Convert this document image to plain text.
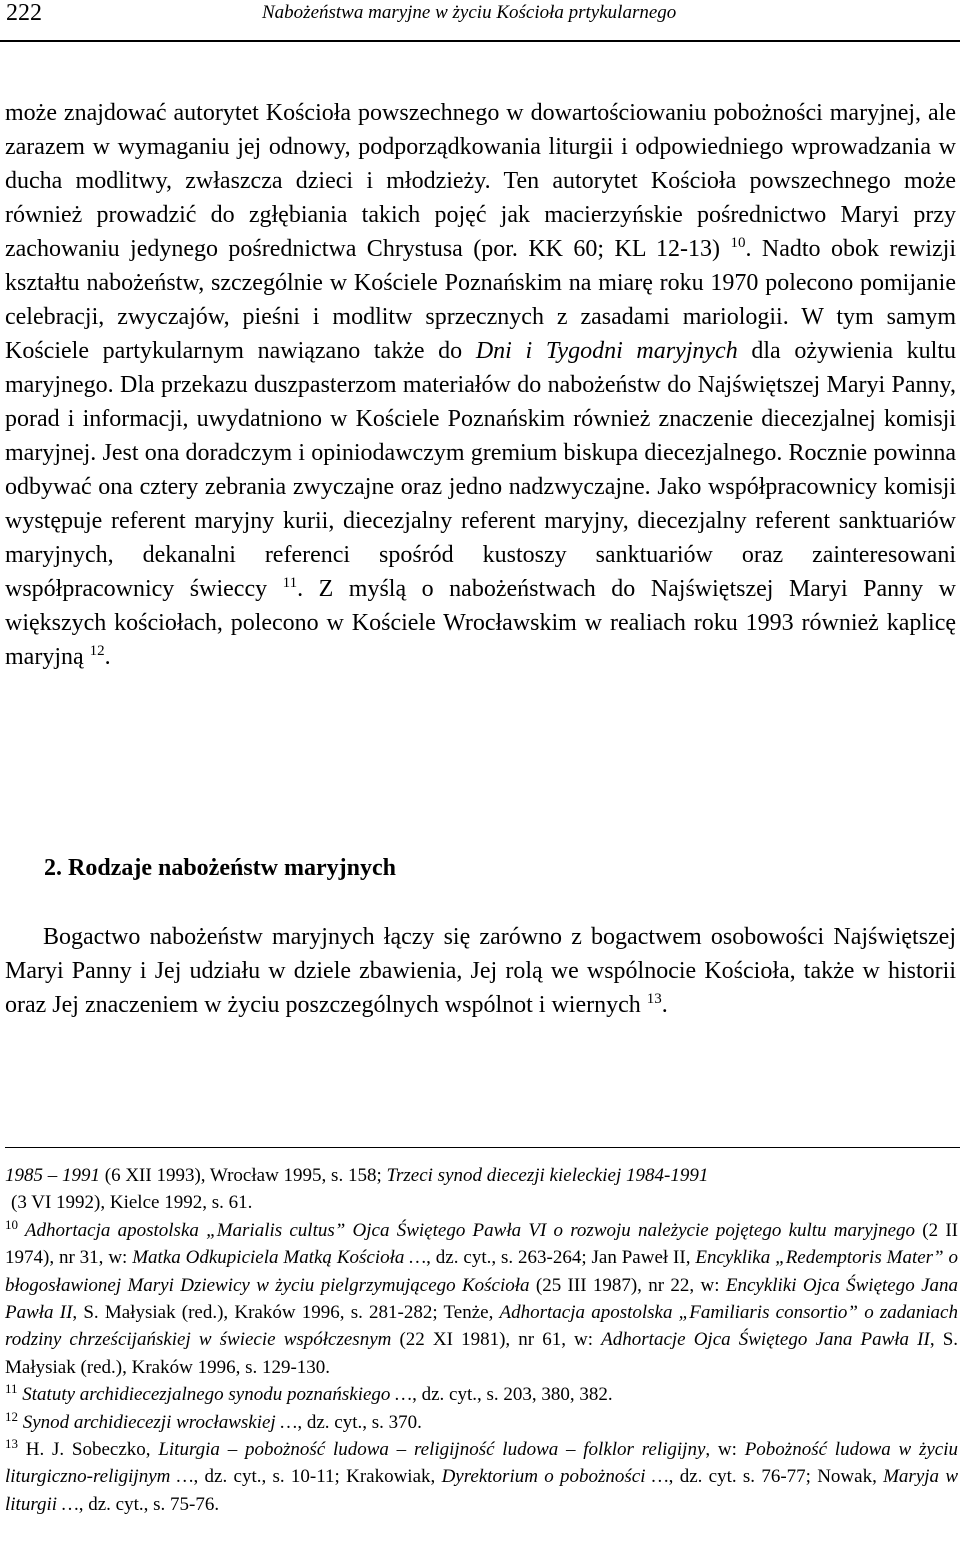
222	Nabożeństwa maryjne w życiu Kościoła prtykularnego

może znajdować autorytet Kościoła powszechnego w dowartościowaniu pobożności maryjnej, ale zarazem w wymaganiu jej odnowy, podporządkowania liturgii i odpowiedniego wprowadzania w ducha modlitwy, zwłaszcza dzieci i młodzieży. Ten autorytet Kościoła powszechnego może również prowadzić do zgłębiania takich pojęć jak macierzyńskie pośrednictwo Maryi przy zachowaniu jedynego pośrednictwa Chrystusa (por. KK 60; KL 12-13) $^{10}$. Nadto obok rewizji kształtu nabożeństw, szczególnie w Kościele Poznańskim na miarę roku 1970 polecono pomijanie celebracji, zwyczajów, pieśni i modlitw sprzecznych z zasadami mariologii. W tym samym Kościele partykularnym nawiązano także do Dni i Tygodni maryjnych dla ożywienia kultu maryjnego. Dla przekazu duszpasterzom materiałów do nabożeństw do Najświętszej Maryi Panny, porad i informacji, uwydatniono w Kościele Poznańskim również znaczenie diecezjalnej komisji maryjnej. Jest ona doradczym i opiniodawczym gremium biskupa diecezjalnego. Rocznie powinna odbywać ona cztery zebrania zwyczajne oraz jedno nadzwyczajne. Jako współpracownicy komisji występuje referent maryjny kurii, diecezjalny referent maryjny, diecezjalny referent sanktuariów maryjnych, dekanalni referenci spośród kustoszy sanktuariów oraz zainteresowani współpracownicy świeccy $^{11}$. Z myślą o nabożeństwach do Najświętszej Maryi Panny w większych kościołach, polecono w Kościele Wrocławskim w realiach roku 1993 również kaplicę maryjną $^{12}$.

2. Rodzaje nabożeństw maryjnych

Bogactwo nabożeństw maryjnych łączy się zarówno z bogactwem osobowości Najświętszej Maryi Panny i Jej udziału w dziele zbawienia, Jej rolą we wspólnocie Kościoła, także w historii oraz Jej znaczeniem w życiu poszczególnych wspólnot i wiernych $^{13}$.

1985 – 1991 (6 XII 1993), Wrocław 1995, s. 158; Trzeci synod diecezji kieleckiej 1984-1991

(3 VI 1992), Kielce 1992, s. 61.

$^{10}$ Adhortacja apostolska „Marialis cultus” Ojca Świętego Pawła VI o rozwoju należycie pojętego kultu maryjnego (2 II 1974), nr 31, w: Matka Odkupiciela Matką Kościoła …, dz. cyt., s. 263-264; Jan Paweł II, Encyklika „Redemptoris Mater” o błogosławionej Maryi Dziewicy w życiu pielgrzymującego Kościoła (25 III 1987), nr 22, w: Encykliki Ojca Świętego Jana Pawła II, S. Małysiak (red.), Kraków 1996, s. 281-282; Tenże, Adhortacja apostolska „Familiaris consortio” o zadaniach rodziny chrześcijańskiej w świecie współczesnym (22 XI 1981), nr 61, w: Adhortacje Ojca Świętego Jana Pawła II, S. Małysiak (red.), Kraków 1996, s. 129-130.

$^{11}$ Statuty archidiecezjalnego synodu poznańskiego …, dz. cyt., s. 203, 380, 382.

$^{12}$ Synod archidiecezji wrocławskiej …, dz. cyt., s. 370.

$^{13}$ H. J. Sobeczko, Liturgia – pobożność ludowa – religijność ludowa – folklor religijny, w: Pobożność ludowa w życiu liturgiczno-religijnym …, dz. cyt., s. 10-11; Krakowiak, Dyrektorium o pobożności …, dz. cyt. s. 76-77; Nowak, Maryja w liturgii …, dz. cyt., s. 75-76.
